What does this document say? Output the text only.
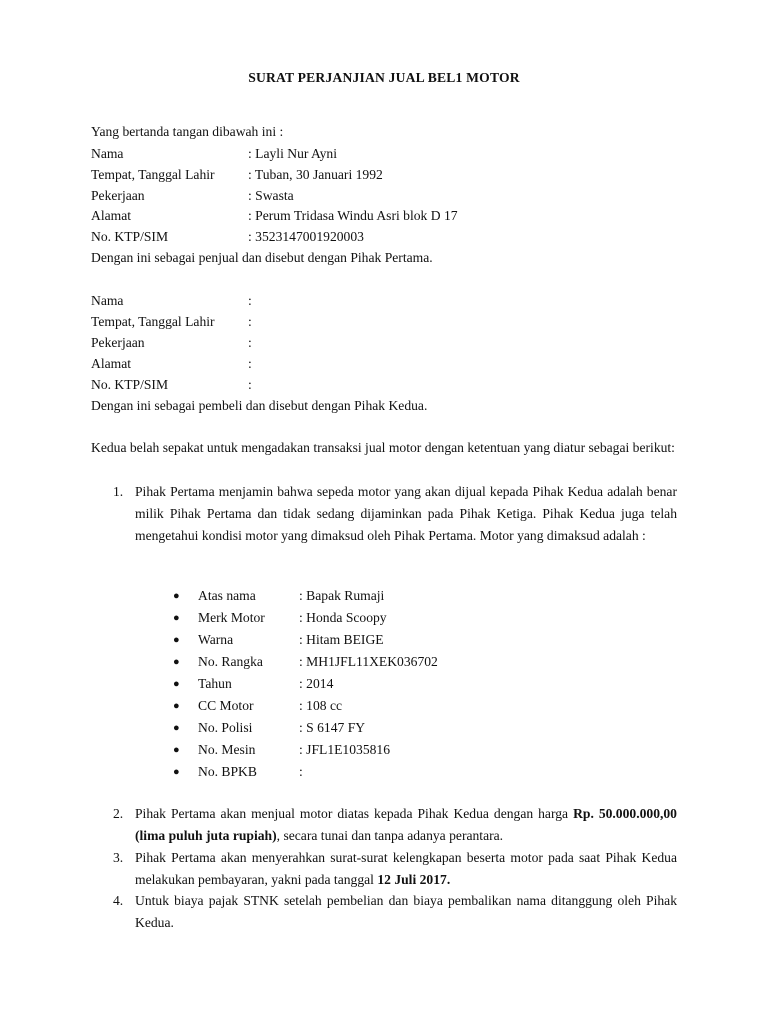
SURAT PERJANJIAN JUAL BEL1 MOTOR
Yang bertanda tangan dibawah ini :
Nama	: Layli Nur Ayni
Tempat, Tanggal Lahir : Tuban, 30 Januari 1992
Pekerjaan	: Swasta
Alamat	: Perum Tridasa Windu Asri blok D 17
No. KTP/SIM	: 3523147001920003
Dengan ini sebagai penjual dan disebut dengan Pihak Pertama.
Nama	:
Tempat, Tanggal Lahir :
Pekerjaan	:
Alamat	:
No. KTP/SIM	:
Dengan ini sebagai pembeli dan disebut dengan Pihak Kedua.
Kedua belah sepakat untuk mengadakan transaksi jual motor dengan ketentuan yang diatur sebagai berikut:
1. Pihak Pertama menjamin bahwa sepeda motor yang akan dijual kepada Pihak Kedua adalah benar milik Pihak Pertama dan tidak sedang dijaminkan pada Pihak Ketiga. Pihak Kedua juga telah mengetahui kondisi motor yang dimaksud oleh Pihak Pertama. Motor yang dimaksud adalah :
● Atas nama	: Bapak Rumaji
● Merk Motor	: Honda Scoopy
● Warna	: Hitam BEIGE
● No. Rangka	: MH1JFL11XEK036702
● Tahun	: 2014
● CC Motor	: 108 cc
● No. Polisi	: S 6147 FY
● No. Mesin	: JFL1E1035816
● No. BPKB	:
2. Pihak Pertama akan menjual motor diatas kepada Pihak Kedua dengan harga Rp. 50.000.000,00 (lima puluh juta rupiah), secara tunai dan tanpa adanya perantara.
3. Pihak Pertama akan menyerahkan surat-surat kelengkapan beserta motor pada saat Pihak Kedua melakukan pembayaran, yakni pada tanggal 12 Juli 2017.
4. Untuk biaya pajak STNK setelah pembelian dan biaya pembalikan nama ditanggung oleh Pihak Kedua.
